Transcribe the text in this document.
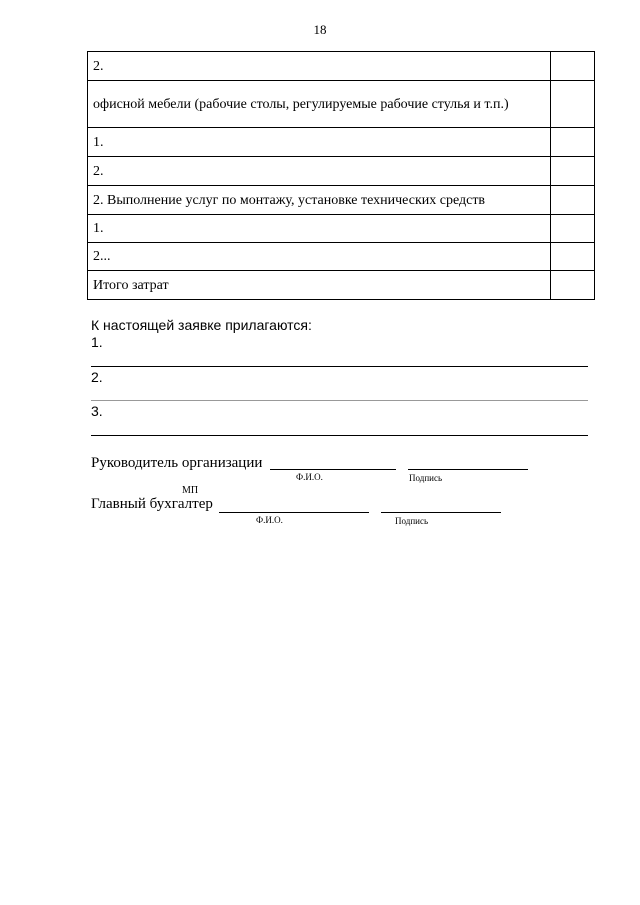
18
2.	
офисной мебели (рабочие столы, регулируемые рабочие стулья и т.п.)	
1.	
2.	
2. Выполнение услуг по монтажу, установке технических средств	
1.	
2...	
Итого затрат	
К настоящей заявке прилагаются:
1.
2.
3.
Руководитель организации
Ф.И.О.	Подпись
МП
Главный бухгалтер
Ф.И.О.	Подпись
